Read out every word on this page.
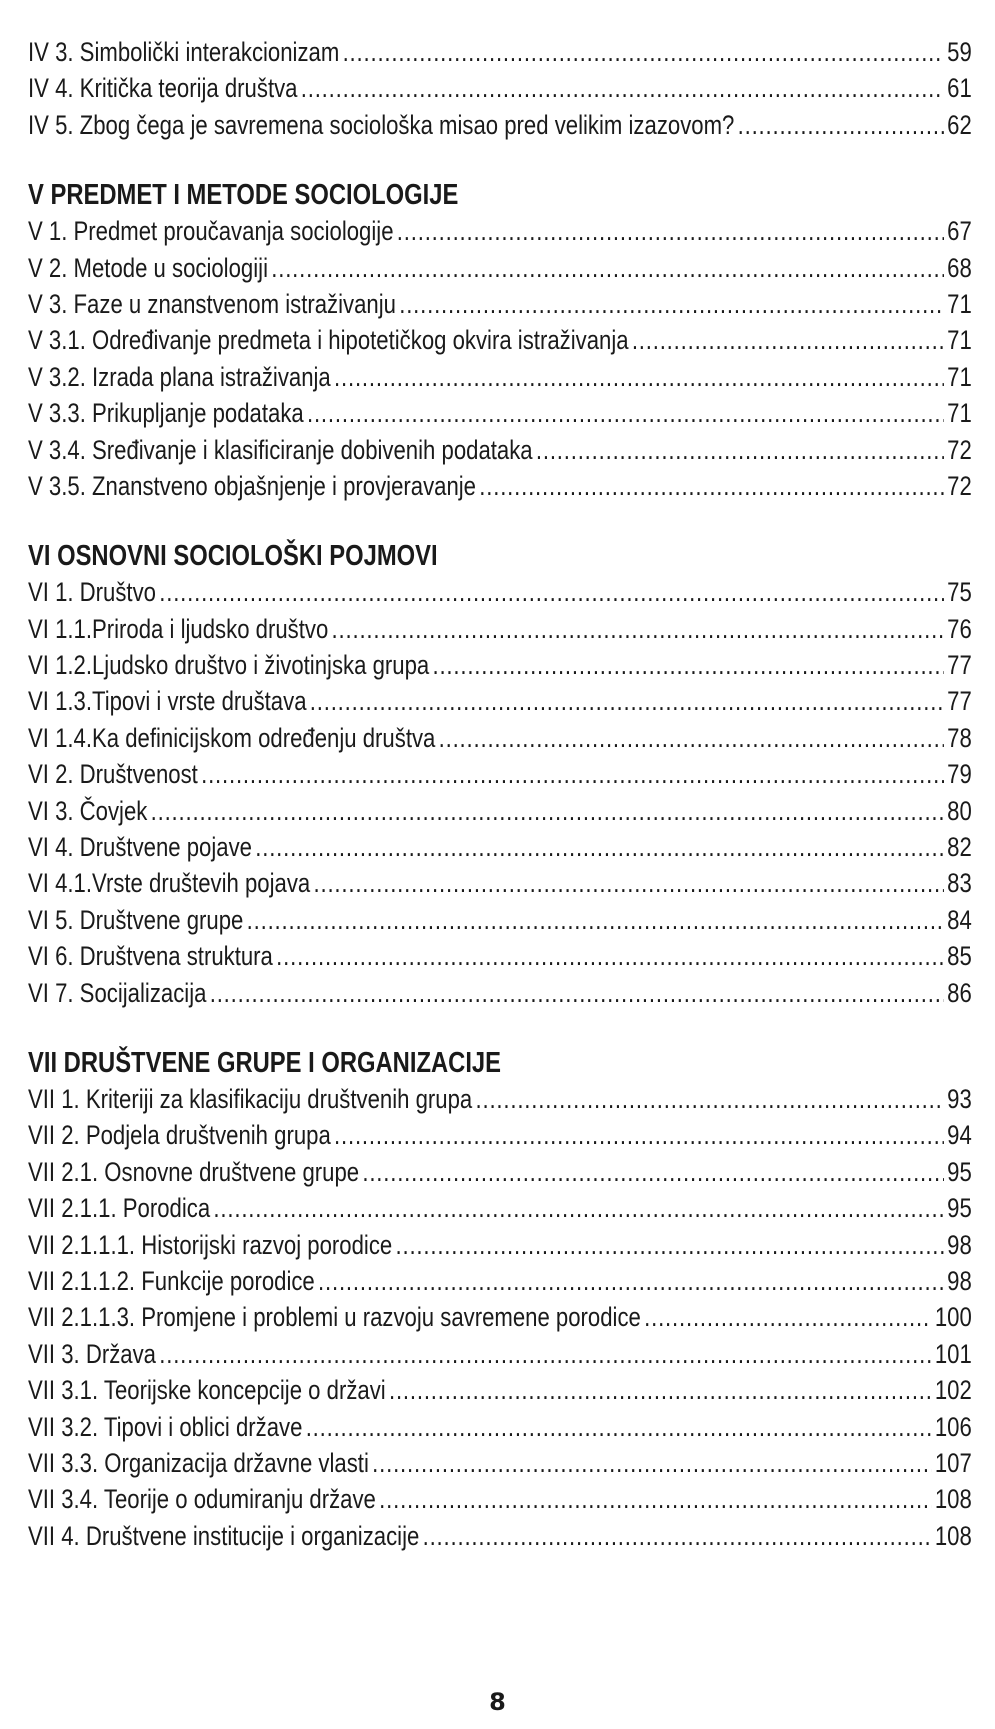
IV 3. Simbolički interakcionizam .....	59
IV 4. Kritička teorija društva .....	61
IV 5. Zbog čega je savremena sociološka misao pred velikim izazovom? .....	62
V PREDMET I METODE SOCIOLOGIJE
V 1. Predmet proučavanja sociologije .....	67
V 2. Metode u sociologiji .....	68
V 3. Faze u znanstvenom istraživanju .....	71
V 3.1. Određivanje predmeta i hipotetičkog okvira istraživanja .....	71
V 3.2. Izrada plana istraživanja .....	71
V 3.3. Prikupljanje podataka .....	71
V 3.4. Sređivanje i klasificiranje dobivenih podataka .....	72
V 3.5. Znanstveno objašnjenje i provjeravanje .....	72
VI OSNOVNI SOCIOLOŠKI POJMOVI
VI 1. Društvo .....	75
VI 1.1.Priroda i ljudsko društvo .....	76
VI 1.2.Ljudsko društvo i životinjska grupa .....	77
VI 1.3.Tipovi i vrste društava .....	77
VI 1.4.Ka definicijskom određenju društva .....	78
VI 2. Društvenost .....	79
VI 3. Čovjek .....	80
VI 4. Društvene pojave .....	82
VI 4.1.Vrste društevih pojava .....	83
VI 5. Društvene grupe .....	84
VI 6. Društvena struktura .....	85
VI 7. Socijalizacija .....	86
VII DRUŠTVENE GRUPE I ORGANIZACIJE
VII 1. Kriteriji za klasifikaciju društvenih grupa .....	93
VII 2. Podjela društvenih grupa .....	94
VII 2.1. Osnovne društvene grupe .....	95
VII 2.1.1. Porodica .....	95
VII 2.1.1.1. Historijski razvoj porodice .....	98
VII 2.1.1.2. Funkcije porodice .....	98
VII 2.1.1.3. Promjene i problemi u razvoju savremene porodice .....	100
VII 3. Država .....	101
VII 3.1. Teorijske koncepcije o državi .....	102
VII 3.2. Tipovi i oblici države .....	106
VII 3.3. Organizacija državne vlasti .....	107
VII 3.4. Teorije o odumiranju države .....	108
VII 4. Društvene institucije i organizacije .....	108
8
